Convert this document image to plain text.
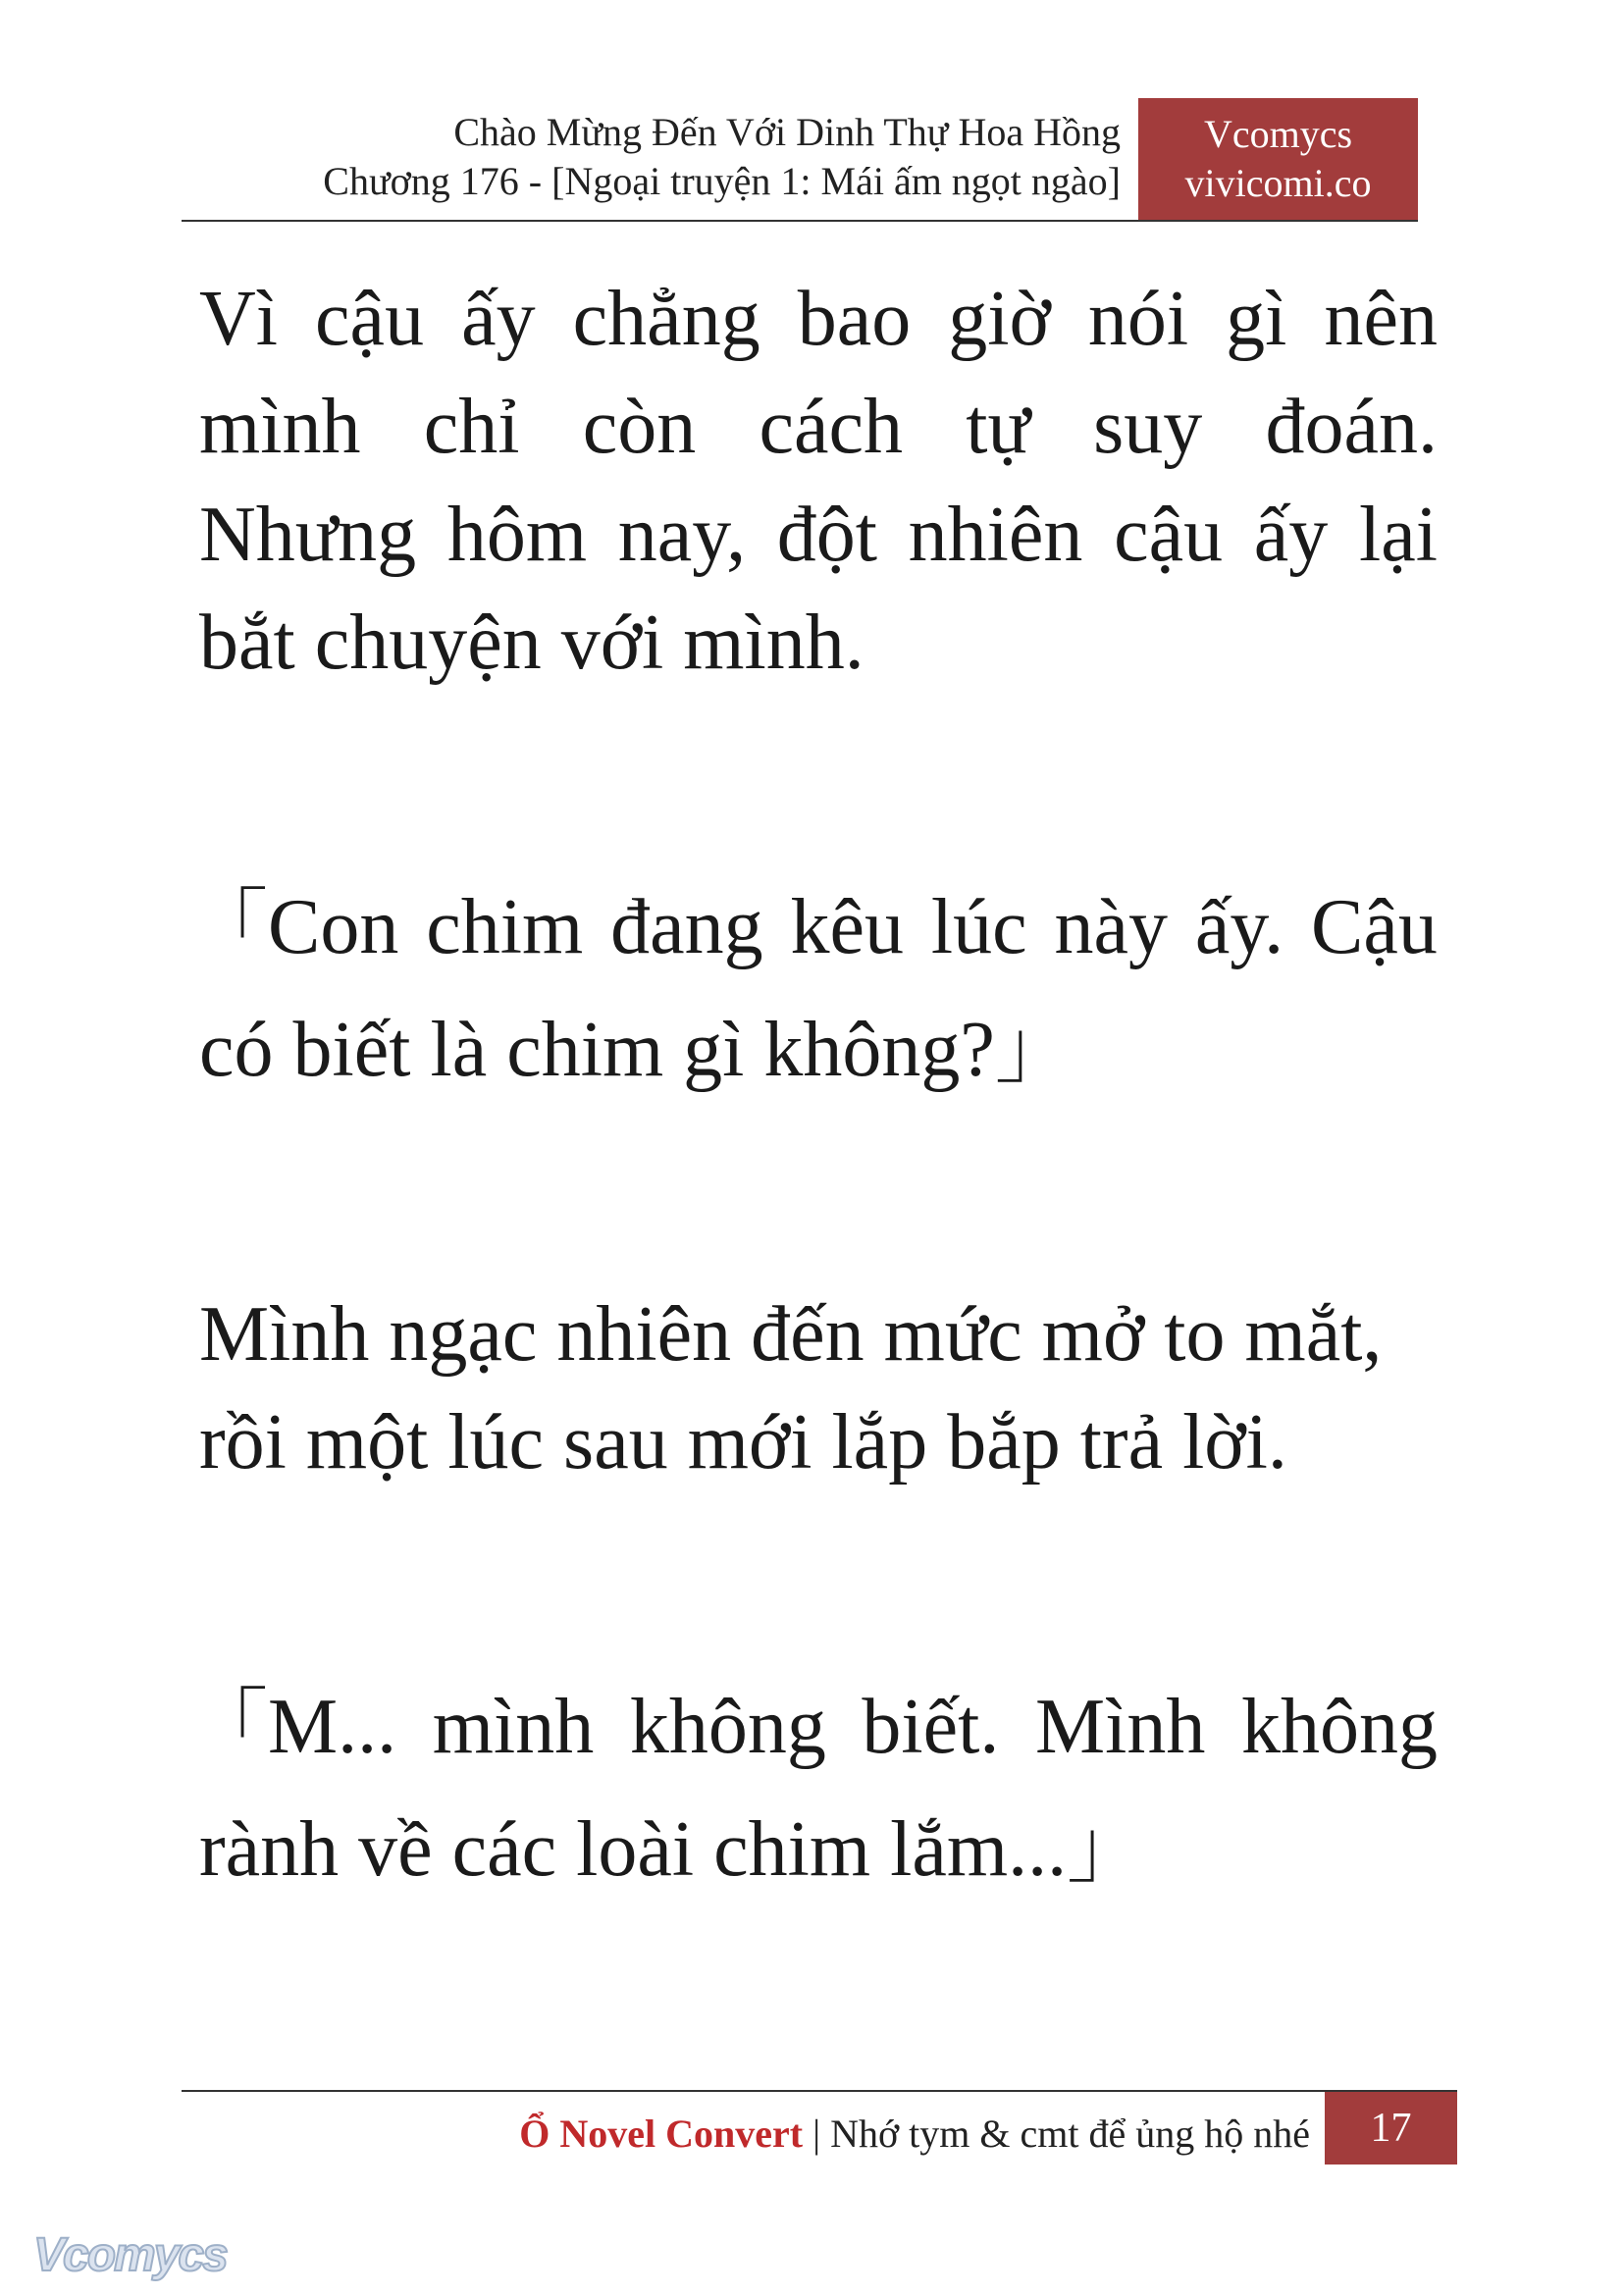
Chào Mừng Đến Với Dinh Thự Hoa Hồng
Chương 176 - [Ngoại truyện 1: Mái ấm ngọt ngào]
Vcomycs
vivicomi.co

Vì cậu ấy chẳng bao giờ nói gì nên
mình chỉ còn cách tự suy đoán.
Nhưng hôm nay, đột nhiên cậu ấy lại
bắt chuyện với mình.

「Con chim đang kêu lúc này ấy. Cậu
có biết là chim gì không?」

Mình ngạc nhiên đến mức mở to mắt,
rồi một lúc sau mới lắp bắp trả lời.

「M... mình không biết. Mình không
rành về các loài chim lắm...」

Ổ Novel Convert | Nhớ tym & cmt để ủng hộ nhé	17
Vcomycs
